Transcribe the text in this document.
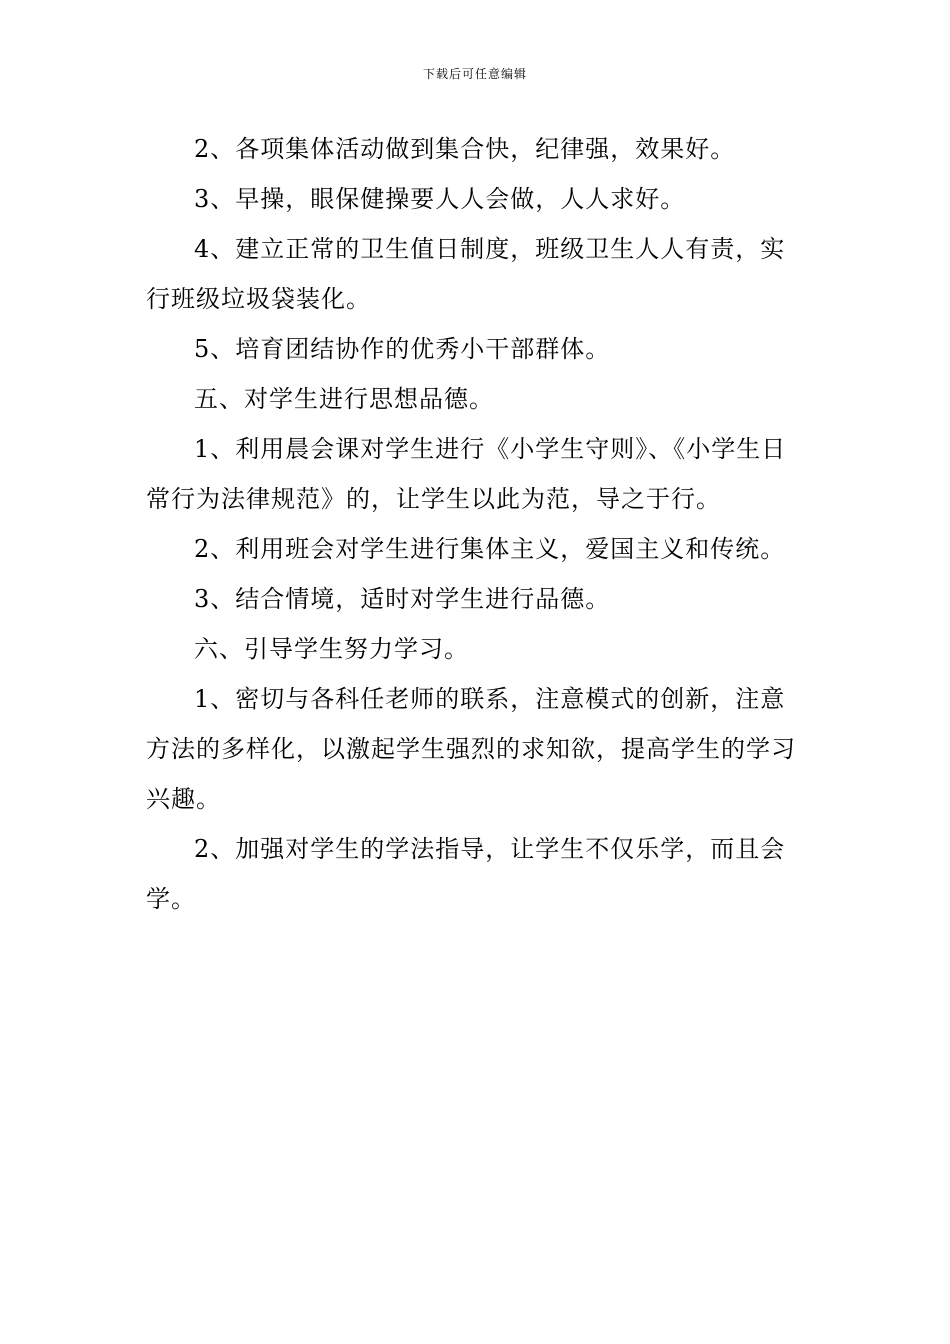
下载后可任意编辑

2、各项集体活动做到集合快，纪律强，效果好。

3、早操，眼保健操要人人会做，人人求好。

4、建立正常的卫生值日制度，班级卫生人人有责，实行班级垃圾袋装化。

5、培育团结协作的优秀小干部群体。

五、对学生进行思想品德。

1、利用晨会课对学生进行《小学生守则》、《小学生日常行为法律规范》的，让学生以此为范，导之于行。

2、利用班会对学生进行集体主义，爱国主义和传统。

3、结合情境，适时对学生进行品德。

六、引导学生努力学习。

1、密切与各科任老师的联系，注意模式的创新，注意方法的多样化，以激起学生强烈的求知欲，提高学生的学习兴趣。

2、加强对学生的学法指导，让学生不仅乐学，而且会学。
